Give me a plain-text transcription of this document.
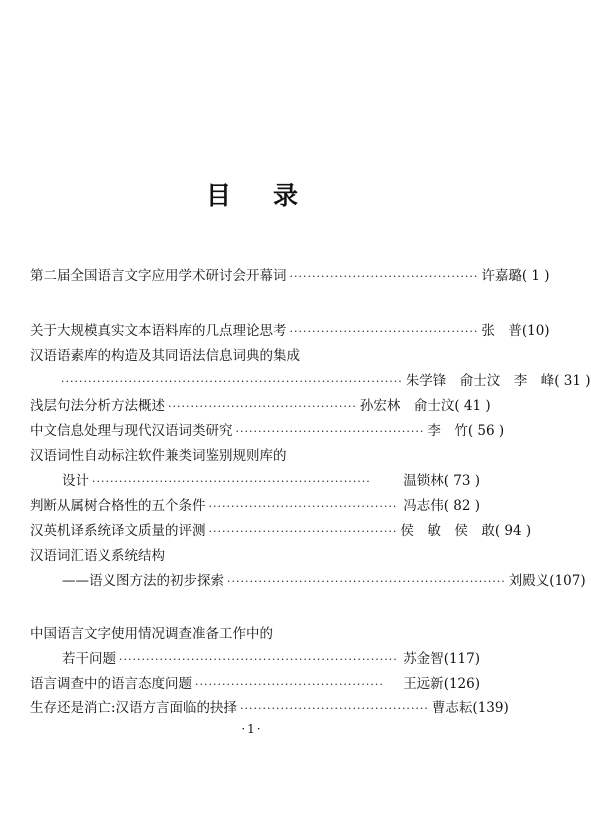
目 录
第二届全国语言文字应用学术研讨会开幕词 ·········································· 许嘉璐 ( 1 )
关于大规模真实文本语料库的几点理论思考 ·········································· 张　普 (10)
汉语语素库的构造及其同语法信息词典的集成
············································································ 朱学锋　俞士汶　李　峰 ( 31 )
浅层句法分析方法概述 ·········································· 孙宏林　俞士汶 ( 41 )
中文信息处理与现代汉语词类研究 ·········································· 李　竹 ( 56 )
汉语词性自动标注软件兼类词鉴别规则库的
设计 ······························································	温锁林 ( 73 )
判断从属树合格性的五个条件 ·········································· 冯志伟 ( 82 )
汉英机译系统译文质量的评测 ·········································· 侯　敏　侯　敢 ( 94 )
汉语词汇语义系统结构
——语义图方法的初步探索 ······························································ 刘殿义 (107)
中国语言文字使用情况调查准备工作中的
若干问题 ······························································ 苏金智 (117)
语言调查中的语言态度问题 ··········································	王远新 (126)
生存还是消亡:汉语方言面临的抉择 ·········································· 曹志耘 (139)
·1·
